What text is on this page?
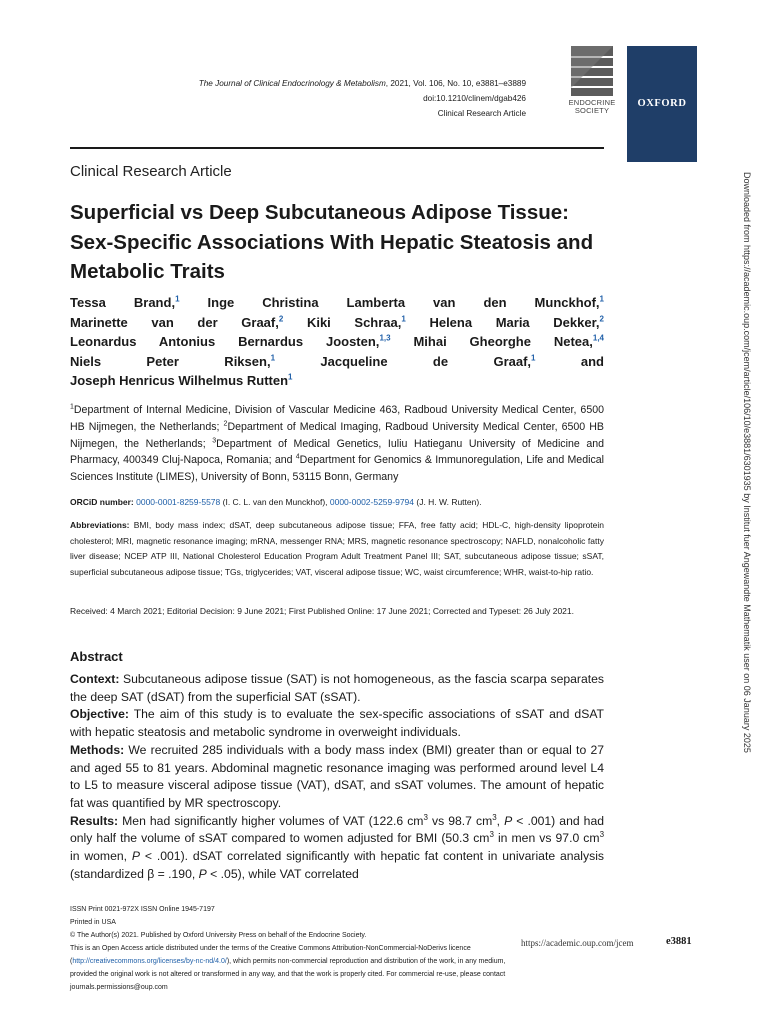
The Journal of Clinical Endocrinology & Metabolism, 2021, Vol. 106, No. 10, e3881–e3889
doi:10.1210/clinem/dgab426
Clinical Research Article
ENDOCRINE SOCIETY
OXFORD
Clinical Research Article
Superficial vs Deep Subcutaneous Adipose Tissue: Sex-Specific Associations With Hepatic Steatosis and Metabolic Traits
Tessa Brand,$^1$ Inge Christina Lamberta van den Munckhof,$^1$
Marinette van der Graaf,$^2$ Kiki Schraa,$^1$ Helena Maria Dekker,$^2$
Leonardus Antonius Bernardus Joosten,$^{1,3}$ Mihai Gheorghe Netea,$^{1,4}$
Niels Peter Riksen,$^1$	Jacqueline de Graaf,$^1$	and
Joseph Henricus Wilhelmus Rutten$^1$
$^1$Department of Internal Medicine, Division of Vascular Medicine 463, Radboud University Medical Center, 6500 HB Nijmegen, the Netherlands; $^2$Department of Medical Imaging, Radboud University Medical Center, 6500 HB Nijmegen, the Netherlands; $^3$Department of Medical Genetics, Iuliu Hatieganu University of Medicine and Pharmacy, 400349 Cluj-Napoca, Romania; and $^4$Department for Genomics & Immunoregulation, Life and Medical Sciences Institute (LIMES), University of Bonn, 53115 Bonn, Germany
ORCiD number: 0000-0001-8259-5578 (I. C. L. van den Munckhof), 0000-0002-5259-9794 (J. H. W. Rutten).
Abbreviations: BMI, body mass index; dSAT, deep subcutaneous adipose tissue; FFA, free fatty acid; HDL-C, high-density lipoprotein cholesterol; MRI, magnetic resonance imaging; mRNA, messenger RNA; MRS, magnetic resonance spectroscopy; NAFLD, nonalcoholic fatty liver disease; NCEP ATP III, National Cholesterol Education Program Adult Treatment Panel III; SAT, subcutaneous adipose tissue; sSAT, superficial subcutaneous adipose tissue; TGs, triglycerides; VAT, visceral adipose tissue; WC, waist circumference; WHR, waist-to-hip ratio.
Received: 4 March 2021; Editorial Decision: 9 June 2021; First Published Online: 17 June 2021; Corrected and Typeset: 26 July 2021.
Abstract
Context: Subcutaneous adipose tissue (SAT) is not homogeneous, as the fascia scarpa separates the deep SAT (dSAT) from the superficial SAT (sSAT).
Objective: The aim of this study is to evaluate the sex-specific associations of sSAT and dSAT with hepatic steatosis and metabolic syndrome in overweight individuals.
Methods: We recruited 285 individuals with a body mass index (BMI) greater than or equal to 27 and aged 55 to 81 years. Abdominal magnetic resonance imaging was performed around level L4 to L5 to measure visceral adipose tissue (VAT), dSAT, and sSAT volumes. The amount of hepatic fat was quantified by MR spectroscopy.
Results: Men had significantly higher volumes of VAT (122.6 $cm^3$ vs 98.7 $cm^3$, P < .001) and had only half the volume of sSAT compared to women adjusted for BMI (50.3 $cm^3$ in men vs 97.0 $cm^3$ in women, P < .001). dSAT correlated significantly with hepatic fat content in univariate analysis (standardized β = .190, P < .05), while VAT correlated
ISSN Print 0021-972X ISSN Online 1945-7197
Printed in USA
© The Author(s) 2021. Published by Oxford University Press on behalf of the Endocrine Society.
This is an Open Access article distributed under the terms of the Creative Commons Attribution-NonCommercial-NoDerivs licence (http://creativecommons.org/licenses/by-nc-nd/4.0/), which permits non-commercial reproduction and distribution of the work, in any medium, provided the original work is not altered or transformed in any way, and that the work is properly cited. For commercial re-use, please contact journals.permissions@oup.com
https://academic.oup.com/jcem	e3881
Downloaded from https://academic.oup.com/jcem/article/106/10/e3881/6301935 by Institut fuer Angewandte Mathematik user on 06 January 2025
